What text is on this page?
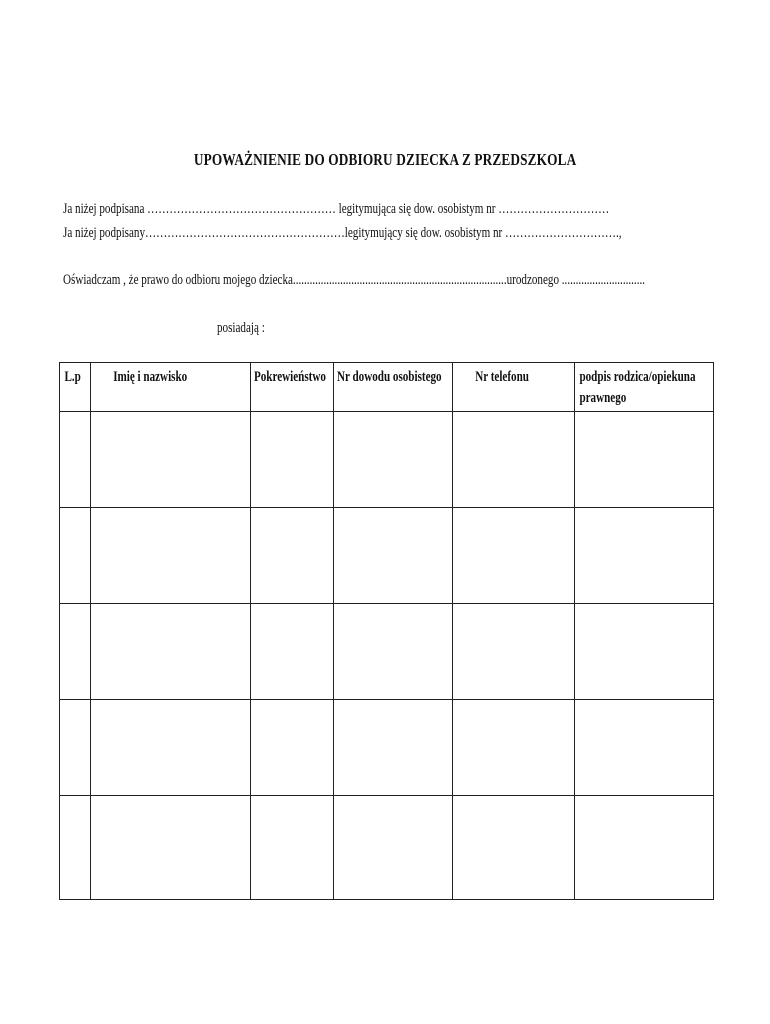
UPOWAŻNIENIE DO ODBIORU DZIECKA Z PRZEDSZKOLA
Ja niżej podpisana …………………………………………… legitymująca się dow. osobistym nr …………………………
Ja niżej podpisany………………………………………………legitymujący się dow. osobistym nr ………………………….,
Oświadczam , że prawo do odbioru mojego dziecka.............................................................................urodzonego ..............................
posiadają :
L.p	Imię i nazwisko	Pokrewieństwo	Nr dowodu osobistego	Nr telefonu	podpis rodzica/opiekuna prawnego
